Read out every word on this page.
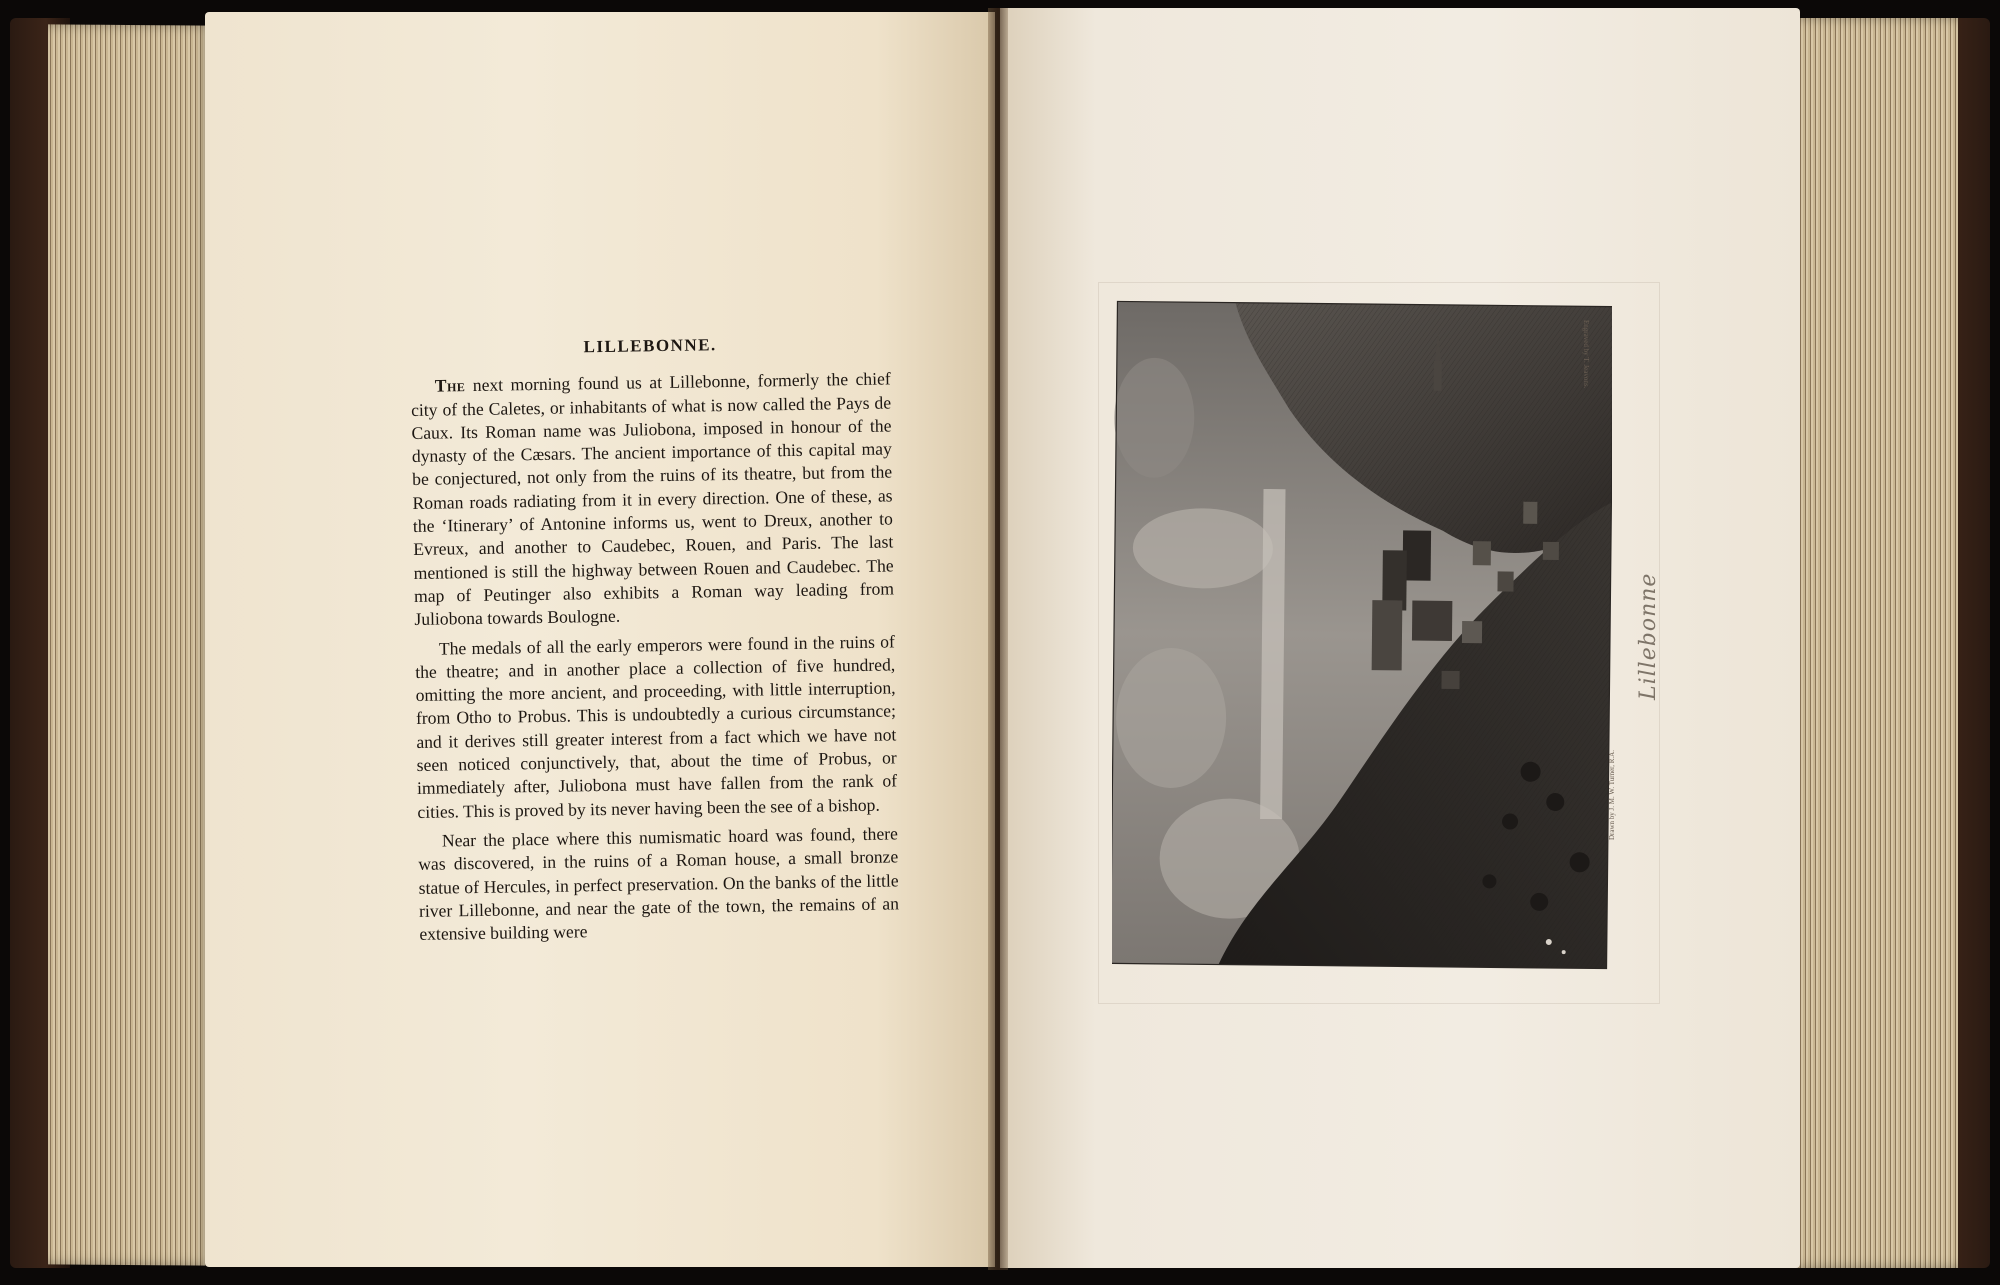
LILLEBONNE.

The next morning found us at Lillebonne, formerly the chief city of the Caletes, or inhabitants of what is now called the Pays de Caux. Its Roman name was Juliobona, imposed in honour of the dynasty of the Cæsars. The ancient importance of this capital may be conjectured, not only from the ruins of its theatre, but from the Roman roads radiating from it in every direction. One of these, as the ‘Itinerary’ of Antonine informs us, went to Dreux, another to Evreux, and another to Caudebec, Rouen, and Paris. The last mentioned is still the highway between Rouen and Caudebec. The map of Peutinger also exhibits a Roman way leading from Juliobona towards Boulogne.

The medals of all the early emperors were found in the ruins of the theatre; and in another place a collection of five hundred, omitting the more ancient, and proceeding, with little interruption, from Otho to Probus. This is undoubtedly a curious circumstance; and it derives still greater interest from a fact which we have not seen noticed conjunctively, that, about the time of Probus, or immediately after, Juliobona must have fallen from the rank of cities. This is proved by its never having been the see of a bishop.

Near the place where this numismatic hoard was found, there was discovered, in the ruins of a Roman house, a small bronze statue of Hercules, in perfect preservation. On the banks of the little river Lillebonne, and near the gate of the town, the remains of an extensive building were

Engraved by T. Jeavons.
Drawn by J. M. W. Turner, R.A.
Lillebonne
